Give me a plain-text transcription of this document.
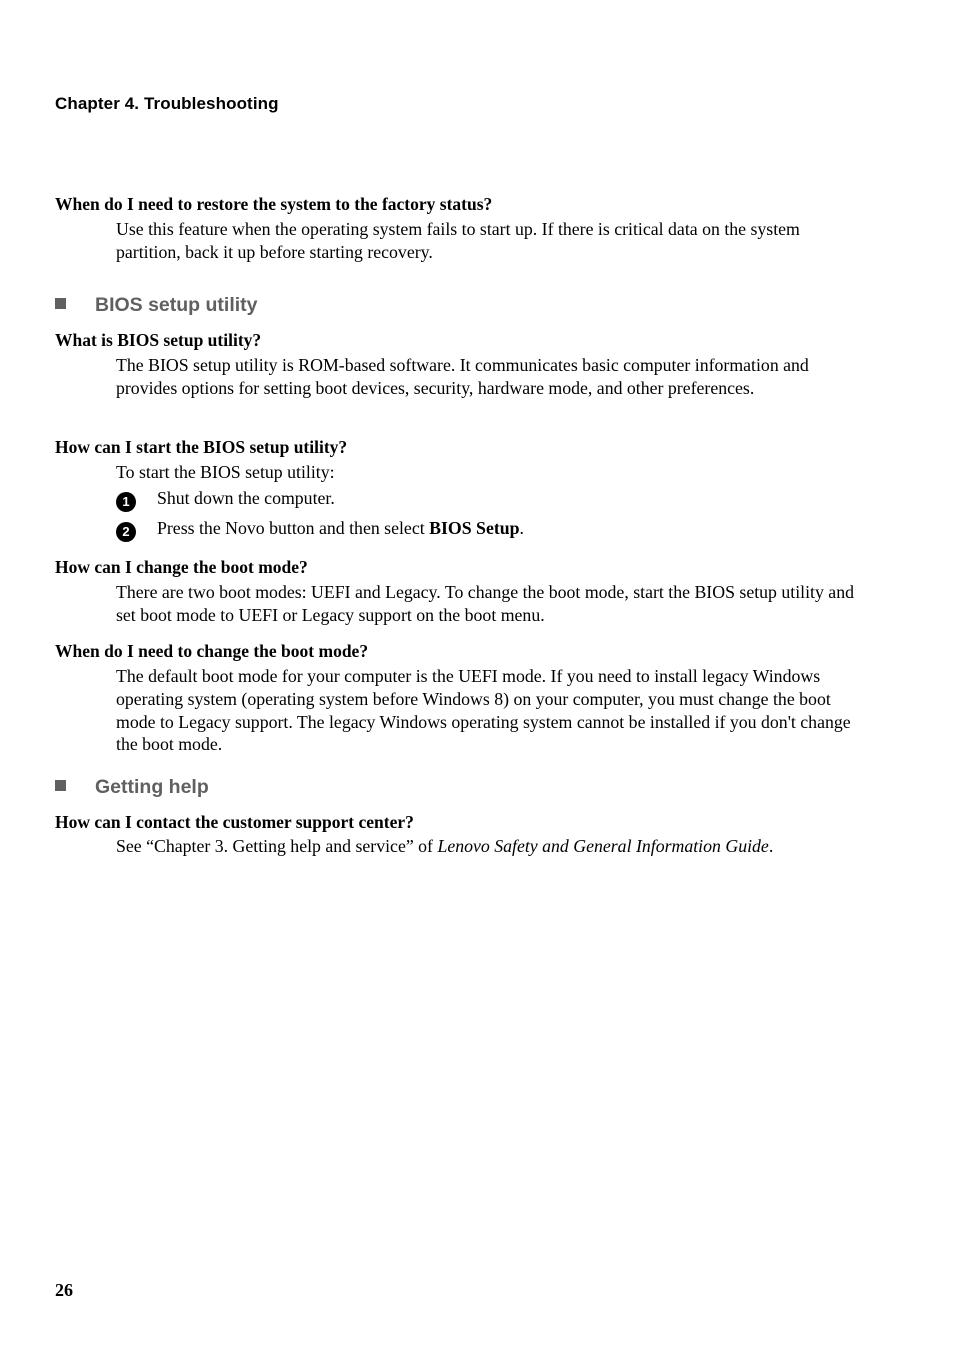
Chapter 4. Troubleshooting
When do I need to restore the system to the factory status?
Use this feature when the operating system fails to start up. If there is critical data on the system partition, back it up before starting recovery.
BIOS setup utility
What is BIOS setup utility?
The BIOS setup utility is ROM-based software. It communicates basic computer information and provides options for setting boot devices, security, hardware mode, and other preferences.
How can I start the BIOS setup utility?
To start the BIOS setup utility:
1 Shut down the computer.
2 Press the Novo button and then select BIOS Setup.
How can I change the boot mode?
There are two boot modes: UEFI and Legacy. To change the boot mode, start the BIOS setup utility and set boot mode to UEFI or Legacy support on the boot menu.
When do I need to change the boot mode?
The default boot mode for your computer is the UEFI mode. If you need to install legacy Windows operating system (operating system before Windows 8) on your computer, you must change the boot mode to Legacy support. The legacy Windows operating system cannot be installed if you don't change the boot mode.
Getting help
How can I contact the customer support center?
See “Chapter 3. Getting help and service” of Lenovo Safety and General Information Guide.
26
